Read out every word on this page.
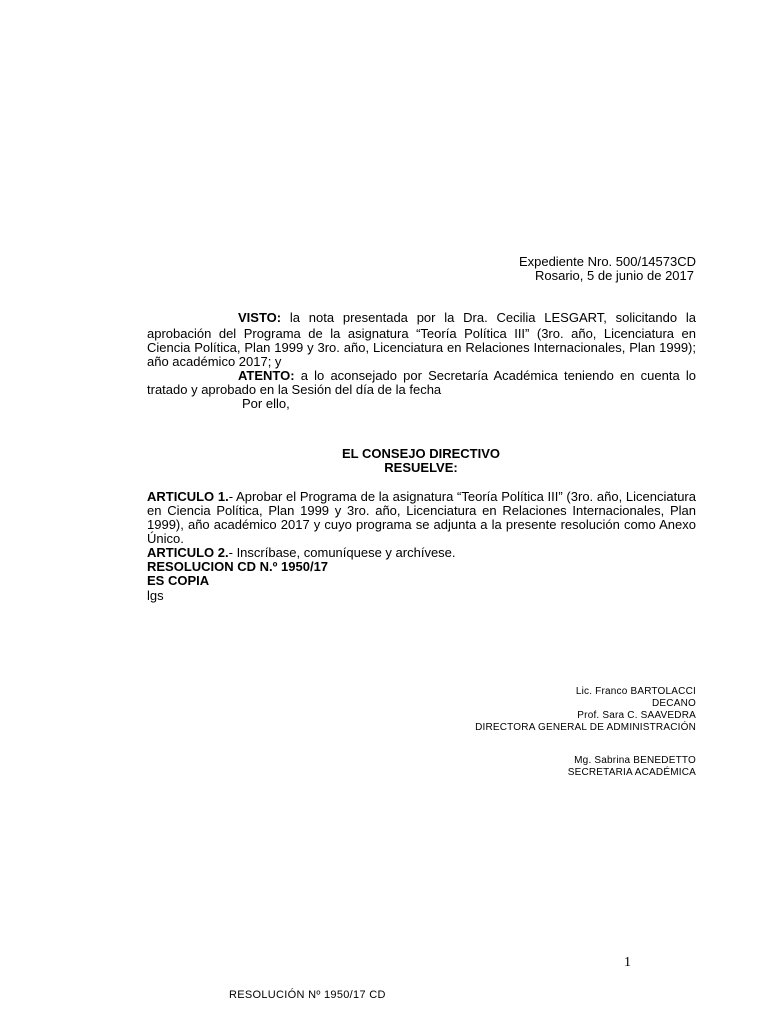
Expediente Nro. 500/14573CD
Rosario, 5 de junio de 2017
VISTO: la nota presentada por la Dra. Cecilia LESGART, solicitando la
aprobación del Programa de la asignatura “Teoría Política III” (3ro. año, Licenciatura en
Ciencia Política, Plan 1999 y 3ro. año, Licenciatura en Relaciones Internacionales, Plan 1999);
año académico 2017; y
ATENTO: a lo aconsejado por Secretaría Académica teniendo en cuenta lo
tratado y aprobado en la Sesión del día de la fecha
Por ello,
EL CONSEJO DIRECTIVO
RESUELVE:
ARTICULO 1.- Aprobar el Programa de la asignatura “Teoría Política III” (3ro. año, Licenciatura
en Ciencia Política, Plan 1999 y 3ro. año, Licenciatura en Relaciones Internacionales, Plan
1999), año académico 2017 y cuyo programa se adjunta a la presente resolución como Anexo
Único.
ARTICULO 2.- Inscríbase, comuníquese y archívese.
RESOLUCION CD N.º 1950/17
ES COPIA
lgs
Lic. Franco BARTOLACCI
DECANO
Prof. Sara C. SAAVEDRA
DIRECTORA GENERAL DE ADMINISTRACIÓN
Mg. Sabrina BENEDETTO
SECRETARIA ACADÉMICA
1
RESOLUCIÓN Nº 1950/17 CD
